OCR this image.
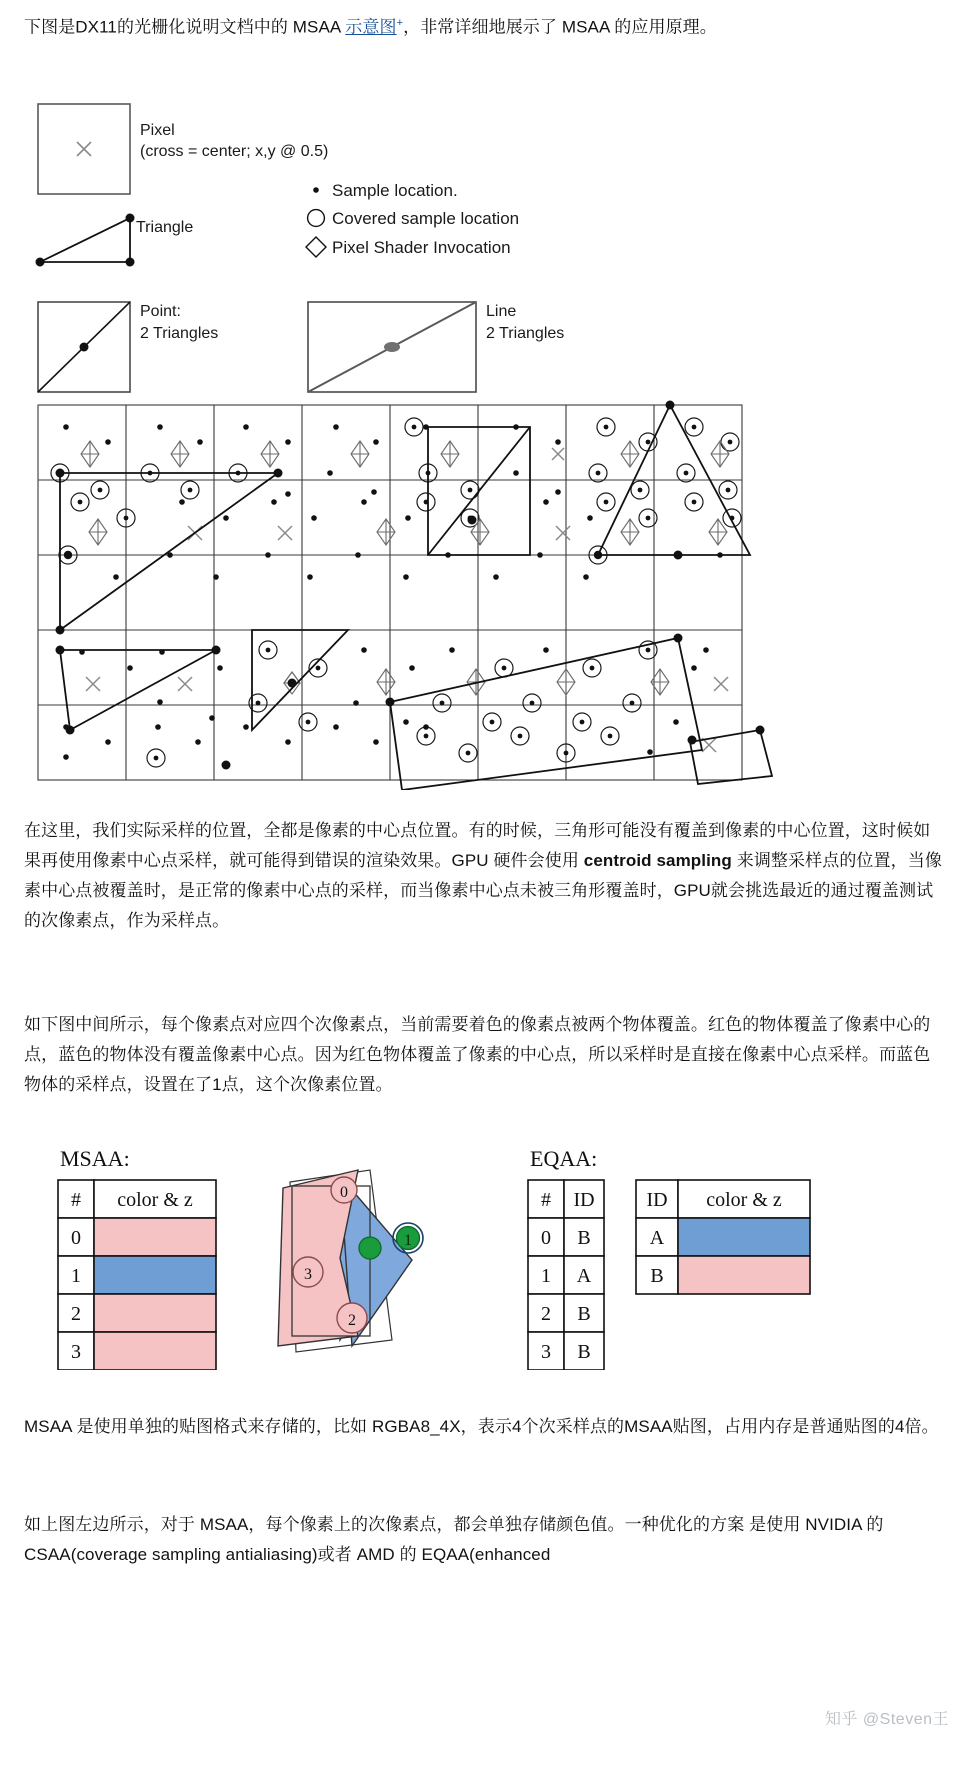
下图是DX11的光栅化说明文档中的 MSAA 示意图+，非常详细地展示了 MSAA 的应用原理。
Pixel
(cross = center; x,y @ 0.5)
Triangle
Sample location.
Covered sample location
Pixel Shader Invocation
Point:
2 Triangles
Line
2 Triangles
在这里，我们实际采样的位置，全都是像素的中心点位置。有的时候，三角形可能没有覆盖到像素的中心位置，这时候如果再使用像素中心点采样，就可能得到错误的渲染效果。GPU 硬件会使用 centroid sampling 来调整采样点的位置，当像素中心点被覆盖时，是正常的像素中心点的采样，而当像素中心点未被三角形覆盖时，GPU就会挑选最近的通过覆盖测试的次像素点，作为采样点。
如下图中间所示，每个像素点对应四个次像素点，当前需要着色的像素点被两个物体覆盖。红色的物体覆盖了像素中心的点，蓝色的物体没有覆盖像素中心点。因为红色物体覆盖了像素的中心点，所以采样时是直接在像素中心点采样。而蓝色物体的采样点，设置在了1点，这个次像素位置。
MSAA:
# color & z
0
1
2
3
0
1
3
2
EQAA:
# ID
0 B
1 A
2 B
3 B
ID color & z
A
B
MSAA 是使用单独的贴图格式来存储的，比如 RGBA8_4X，表示4个次采样点的MSAA贴图，占用内存是普通贴图的4倍。
如上图左边所示，对于 MSAA，每个像素上的次像素点，都会单独存储颜色值。一种优化的方案 是使用 NVIDIA 的 CSAA(coverage sampling antialiasing)或者 AMD 的 EQAA(enhanced
知乎 @Steven王
